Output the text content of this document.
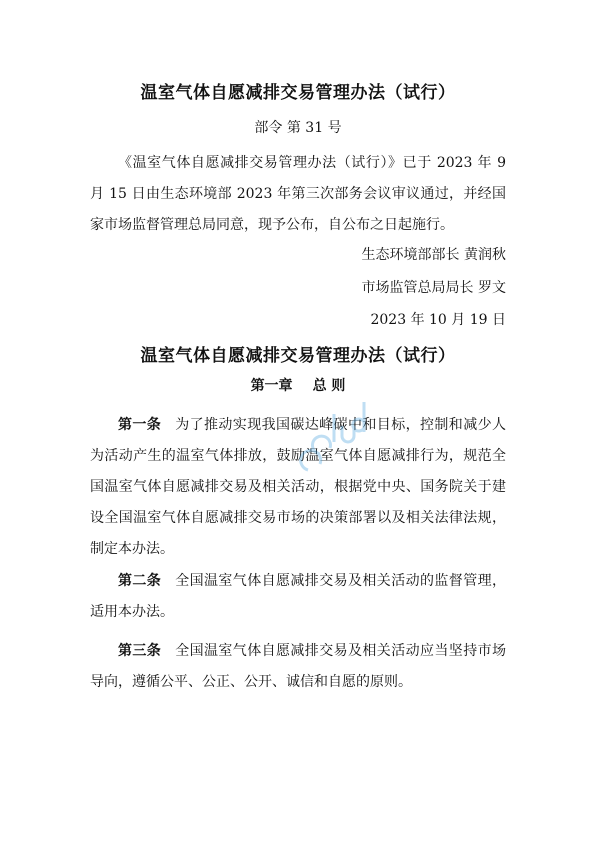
温室气体自愿减排交易管理办法（试行）
部令 第 31 号
《温室气体自愿减排交易管理办法（试行）》已于 2023 年 9 月 15 日由生态环境部 2023 年第三次部务会议审议通过，并经国家市场监督管理总局同意，现予公布，自公布之日起施行。
生态环境部部长 黄润秋
市场监管总局局长 罗文
2023 年 10 月 19 日
温室气体自愿减排交易管理办法（试行）
第一章 总 则
第一条 为了推动实现我国碳达峰碳中和目标，控制和减少人为活动产生的温室气体排放，鼓励温室气体自愿减排行为，规范全国温室气体自愿减排交易及相关活动，根据党中央、国务院关于建设全国温室气体自愿减排交易市场的决策部署以及相关法律法规，制定本办法。
第二条 全国温室气体自愿减排交易及相关活动的监督管理，适用本办法。
第三条 全国温室气体自愿减排交易及相关活动应当坚持市场导向，遵循公平、公正、公开、诚信和自愿的原则。
